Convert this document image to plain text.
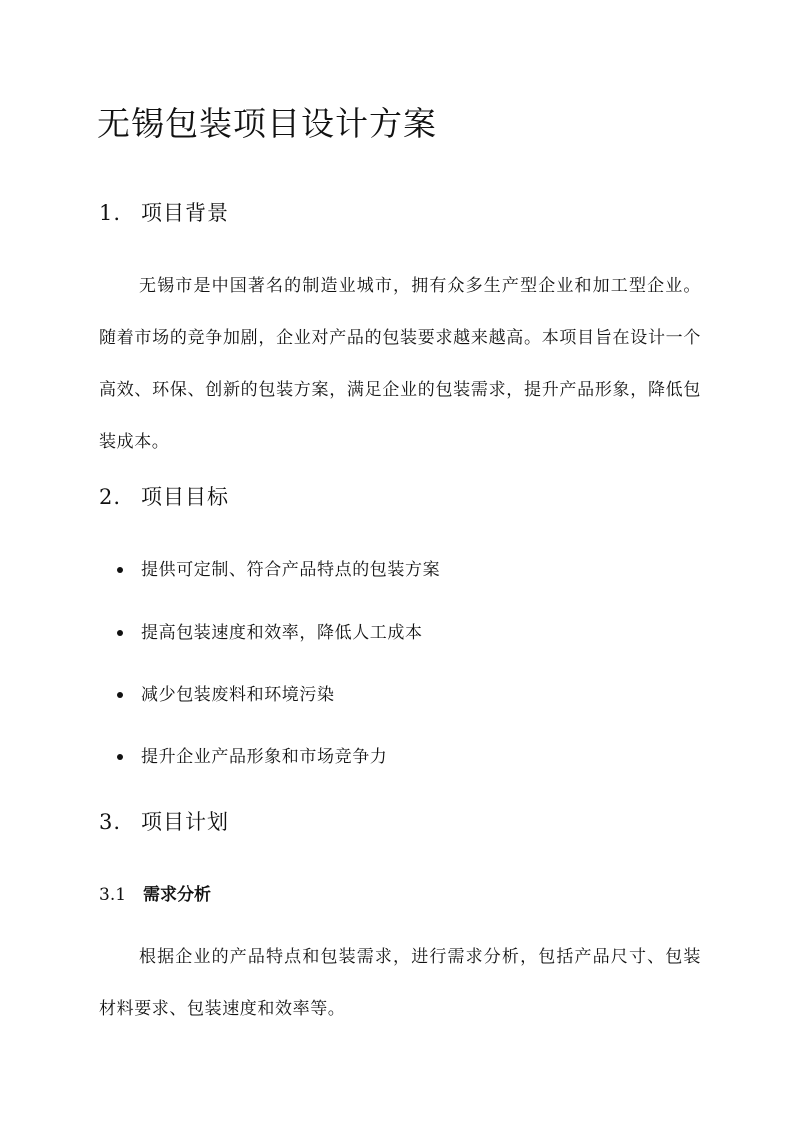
无锡包装项目设计方案
1. 项目背景

无锡市是中国著名的制造业城市，拥有众多生产型企业和加工型企业。随着市场的竞争加剧，企业对产品的包装要求越来越高。本项目旨在设计一个高效、环保、创新的包装方案，满足企业的包装需求，提升产品形象，降低包装成本。

2. 项目目标
提供可定制、符合产品特点的包装方案
提高包装速度和效率，降低人工成本
减少包装废料和环境污染
提升企业产品形象和市场竞争力
3. 项目计划
3.1 需求分析

根据企业的产品特点和包装需求，进行需求分析，包括产品尺寸、包装材料要求、包装速度和效率等。
